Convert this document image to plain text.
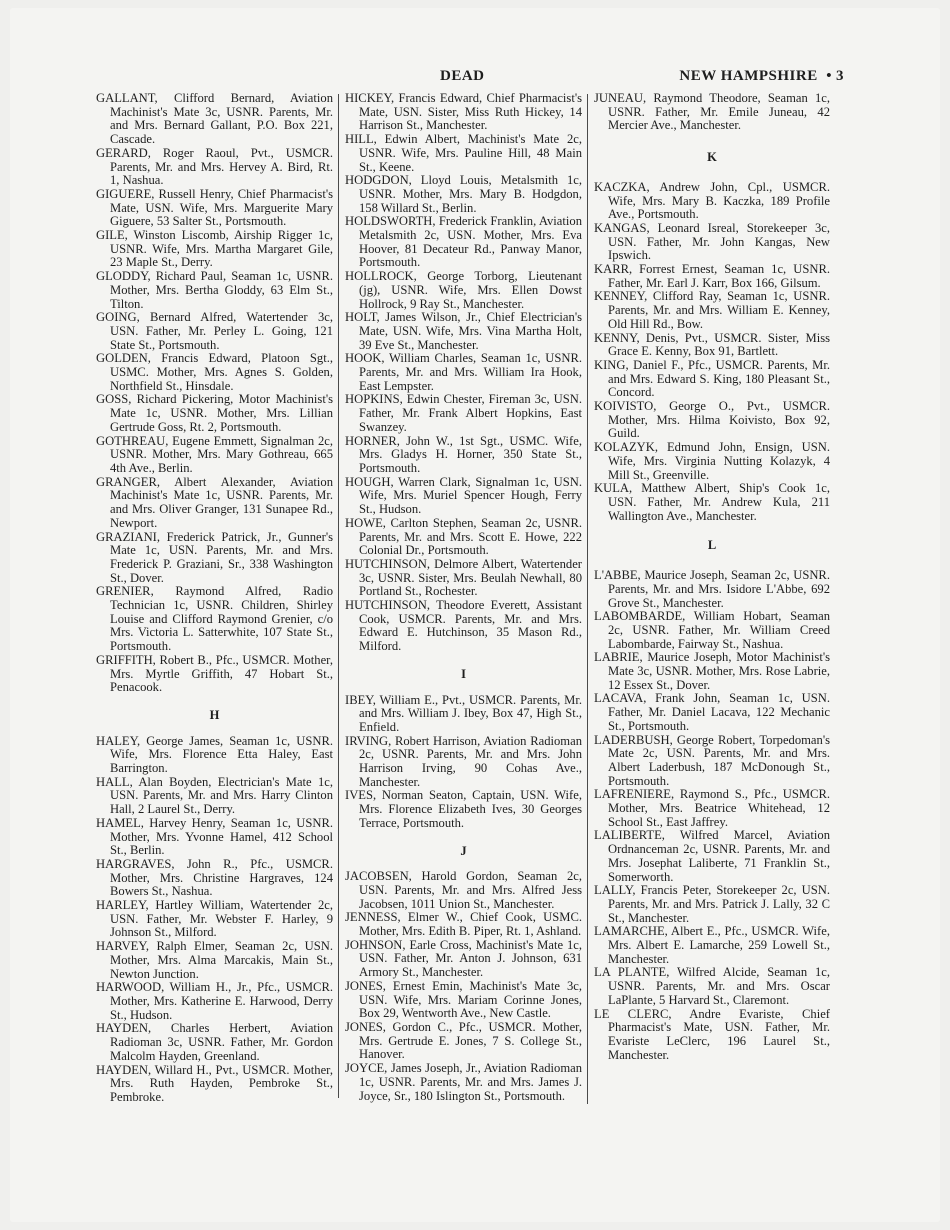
DEAD	NEW HAMPSHIRE • 3

GALLANT, Clifford Bernard, Aviation Machinist's Mate 3c, USNR. Parents, Mr. and Mrs. Bernard Gallant, P.O. Box 221, Cascade.

GERARD, Roger Raoul, Pvt., USMCR. Parents, Mr. and Mrs. Hervey A. Bird, Rt. 1, Nashua.

GIGUERE, Russell Henry, Chief Pharmacist's Mate, USN. Wife, Mrs. Marguerite Mary Giguere, 53 Salter St., Portsmouth.

GILE, Winston Liscomb, Airship Rigger 1c, USNR. Wife, Mrs. Martha Margaret Gile, 23 Maple St., Derry.

GLODDY, Richard Paul, Seaman 1c, USNR. Mother, Mrs. Bertha Gloddy, 63 Elm St., Tilton.

GOING, Bernard Alfred, Watertender 3c, USN. Father, Mr. Perley L. Going, 121 State St., Portsmouth.

GOLDEN, Francis Edward, Platoon Sgt., USMC. Mother, Mrs. Agnes S. Golden, Northfield St., Hinsdale.

GOSS, Richard Pickering, Motor Machinist's Mate 1c, USNR. Mother, Mrs. Lillian Gertrude Goss, Rt. 2, Portsmouth.

GOTHREAU, Eugene Emmett, Signalman 2c, USNR. Mother, Mrs. Mary Gothreau, 665 4th Ave., Berlin.

GRANGER, Albert Alexander, Aviation Machinist's Mate 1c, USNR. Parents, Mr. and Mrs. Oliver Granger, 131 Sunapee Rd., Newport.

GRAZIANI, Frederick Patrick, Jr., Gunner's Mate 1c, USN. Parents, Mr. and Mrs. Frederick P. Graziani, Sr., 338 Washington St., Dover.

GRENIER, Raymond Alfred, Radio Technician 1c, USNR. Children, Shirley Louise and Clifford Raymond Grenier, c/o Mrs. Victoria L. Satterwhite, 107 State St., Portsmouth.

GRIFFITH, Robert B., Pfc., USMCR. Mother, Mrs. Myrtle Griffith, 47 Hobart St., Penacook.

H

HALEY, George James, Seaman 1c, USNR. Wife, Mrs. Florence Etta Haley, East Barrington.

HALL, Alan Boyden, Electrician's Mate 1c, USN. Parents, Mr. and Mrs. Harry Clinton Hall, 2 Laurel St., Derry.

HAMEL, Harvey Henry, Seaman 1c, USNR. Mother, Mrs. Yvonne Hamel, 412 School St., Berlin.

HARGRAVES, John R., Pfc., USMCR. Mother, Mrs. Christine Hargraves, 124 Bowers St., Nashua.

HARLEY, Hartley William, Watertender 2c, USN. Father, Mr. Webster F. Harley, 9 Johnson St., Milford.

HARVEY, Ralph Elmer, Seaman 2c, USN. Mother, Mrs. Alma Marcakis, Main St., Newton Junction.

HARWOOD, William H., Jr., Pfc., USMCR. Mother, Mrs. Katherine E. Harwood, Derry St., Hudson.

HAYDEN, Charles Herbert, Aviation Radioman 3c, USNR. Father, Mr. Gordon Malcolm Hayden, Greenland.

HAYDEN, Willard H., Pvt., USMCR. Mother, Mrs. Ruth Hayden, Pembroke St., Pembroke.

HICKEY, Francis Edward, Chief Pharmacist's Mate, USN. Sister, Miss Ruth Hickey, 14 Harrison St., Manchester.

HILL, Edwin Albert, Machinist's Mate 2c, USNR. Wife, Mrs. Pauline Hill, 48 Main St., Keene.

HODGDON, Lloyd Louis, Metalsmith 1c, USNR. Mother, Mrs. Mary B. Hodgdon, 158 Willard St., Berlin.

HOLDSWORTH, Frederick Franklin, Aviation Metalsmith 2c, USN. Mother, Mrs. Eva Hoover, 81 Decateur Rd., Panway Manor, Portsmouth.

HOLLROCK, George Torborg, Lieutenant (jg), USNR. Wife, Mrs. Ellen Dowst Hollrock, 9 Ray St., Manchester.

HOLT, James Wilson, Jr., Chief Electrician's Mate, USN. Wife, Mrs. Vina Martha Holt, 39 Eve St., Manchester.

HOOK, William Charles, Seaman 1c, USNR. Parents, Mr. and Mrs. William Ira Hook, East Lempster.

HOPKINS, Edwin Chester, Fireman 3c, USN. Father, Mr. Frank Albert Hopkins, East Swanzey.

HORNER, John W., 1st Sgt., USMC. Wife, Mrs. Gladys H. Horner, 350 State St., Portsmouth.

HOUGH, Warren Clark, Signalman 1c, USN. Wife, Mrs. Muriel Spencer Hough, Ferry St., Hudson.

HOWE, Carlton Stephen, Seaman 2c, USNR. Parents, Mr. and Mrs. Scott E. Howe, 222 Colonial Dr., Portsmouth.

HUTCHINSON, Delmore Albert, Watertender 3c, USNR. Sister, Mrs. Beulah Newhall, 80 Portland St., Rochester.

HUTCHINSON, Theodore Everett, Assistant Cook, USMCR. Parents, Mr. and Mrs. Edward E. Hutchinson, 35 Mason Rd., Milford.

I

IBEY, William E., Pvt., USMCR. Parents, Mr. and Mrs. William J. Ibey, Box 47, High St., Enfield.

IRVING, Robert Harrison, Aviation Radioman 2c, USNR. Parents, Mr. and Mrs. John Harrison Irving, 90 Cohas Ave., Manchester.

IVES, Norman Seaton, Captain, USN. Wife, Mrs. Florence Elizabeth Ives, 30 Georges Terrace, Portsmouth.

J

JACOBSEN, Harold Gordon, Seaman 2c, USN. Parents, Mr. and Mrs. Alfred Jess Jacobsen, 1011 Union St., Manchester.

JENNESS, Elmer W., Chief Cook, USMC. Mother, Mrs. Edith B. Piper, Rt. 1, Ashland.

JOHNSON, Earle Cross, Machinist's Mate 1c, USN. Father, Mr. Anton J. Johnson, 631 Armory St., Manchester.

JONES, Ernest Emin, Machinist's Mate 3c, USN. Wife, Mrs. Mariam Corinne Jones, Box 29, Wentworth Ave., New Castle.

JONES, Gordon C., Pfc., USMCR. Mother, Mrs. Gertrude E. Jones, 7 S. College St., Hanover.

JOYCE, James Joseph, Jr., Aviation Radioman 1c, USNR. Parents, Mr. and Mrs. James J. Joyce, Sr., 180 Islington St., Portsmouth.

JUNEAU, Raymond Theodore, Seaman 1c, USNR. Father, Mr. Emile Juneau, 42 Mercier Ave., Manchester.

K

KACZKA, Andrew John, Cpl., USMCR. Wife, Mrs. Mary B. Kaczka, 189 Profile Ave., Portsmouth.

KANGAS, Leonard Isreal, Storekeeper 3c, USN. Father, Mr. John Kangas, New Ipswich.

KARR, Forrest Ernest, Seaman 1c, USNR. Father, Mr. Earl J. Karr, Box 166, Gilsum.

KENNEY, Clifford Ray, Seaman 1c, USNR. Parents, Mr. and Mrs. William E. Kenney, Old Hill Rd., Bow.

KENNY, Denis, Pvt., USMCR. Sister, Miss Grace E. Kenny, Box 91, Bartlett.

KING, Daniel F., Pfc., USMCR. Parents, Mr. and Mrs. Edward S. King, 180 Pleasant St., Concord.

KOIVISTO, George O., Pvt., USMCR. Mother, Mrs. Hilma Koivisto, Box 92, Guild.

KOLAZYK, Edmund John, Ensign, USN. Wife, Mrs. Virginia Nutting Kolazyk, 4 Mill St., Greenville.

KULA, Matthew Albert, Ship's Cook 1c, USN. Father, Mr. Andrew Kula, 211 Wallington Ave., Manchester.

L

L'ABBE, Maurice Joseph, Seaman 2c, USNR. Parents, Mr. and Mrs. Isidore L'Abbe, 692 Grove St., Manchester.

LABOMBARDE, William Hobart, Seaman 2c, USNR. Father, Mr. William Creed Labombarde, Fairway St., Nashua.

LABRIE, Maurice Joseph, Motor Machinist's Mate 3c, USNR. Mother, Mrs. Rose Labrie, 12 Essex St., Dover.

LACAVA, Frank John, Seaman 1c, USN. Father, Mr. Daniel Lacava, 122 Mechanic St., Portsmouth.

LADERBUSH, George Robert, Torpedoman's Mate 2c, USN. Parents, Mr. and Mrs. Albert Laderbush, 187 McDonough St., Portsmouth.

LAFRENIERE, Raymond S., Pfc., USMCR. Mother, Mrs. Beatrice Whitehead, 12 School St., East Jaffrey.

LALIBERTE, Wilfred Marcel, Aviation Ordnanceman 2c, USNR. Parents, Mr. and Mrs. Josephat Laliberte, 71 Franklin St., Somerworth.

LALLY, Francis Peter, Storekeeper 2c, USN. Parents, Mr. and Mrs. Patrick J. Lally, 32 C St., Manchester.

LAMARCHE, Albert E., Pfc., USMCR. Wife, Mrs. Albert E. Lamarche, 259 Lowell St., Manchester.

LA PLANTE, Wilfred Alcide, Seaman 1c, USNR. Parents, Mr. and Mrs. Oscar LaPlante, 5 Harvard St., Claremont.

LE CLERC, Andre Evariste, Chief Pharmacist's Mate, USN. Father, Mr. Evariste LeClerc, 196 Laurel St., Manchester.
